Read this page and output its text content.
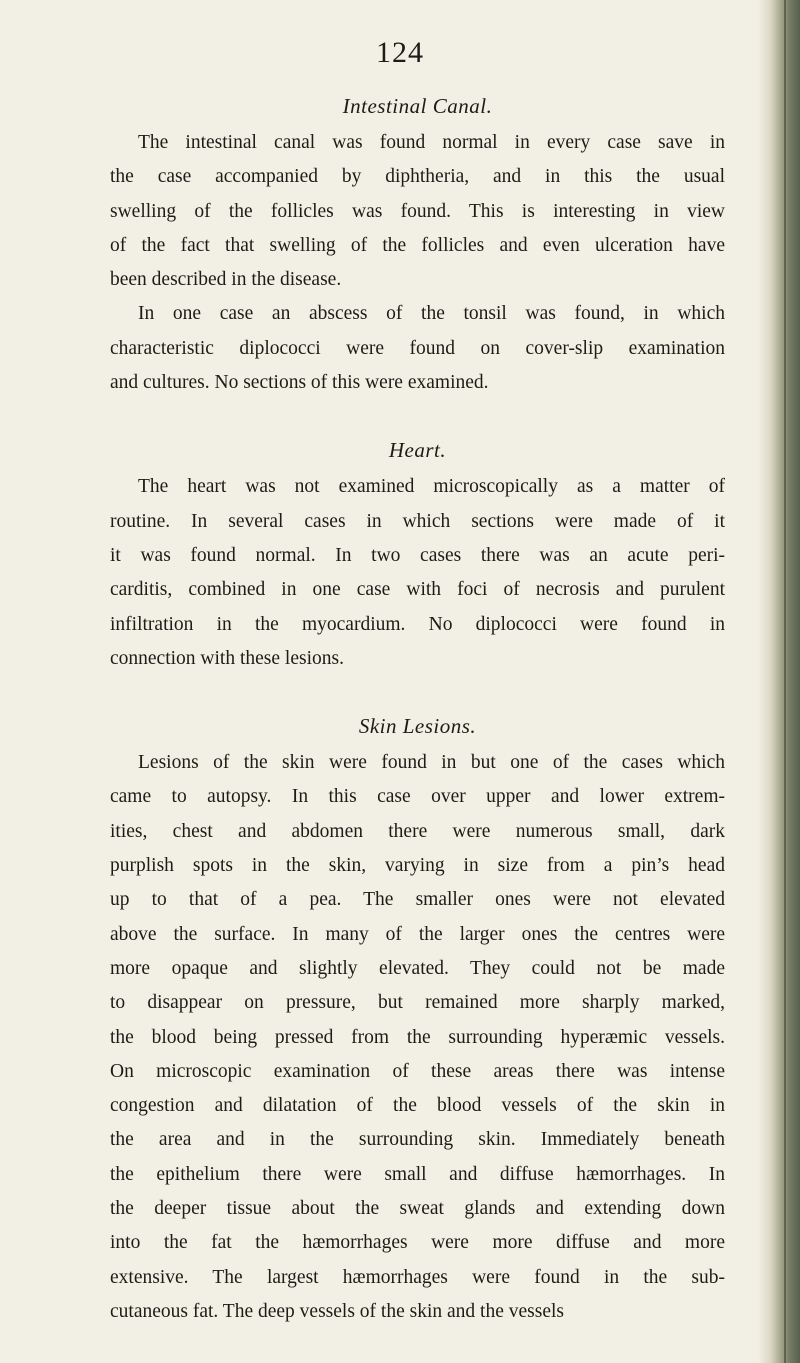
124
Intestinal Canal.
The intestinal canal was found normal in every case save in
the case accompanied by diphtheria, and in this the usual
swelling of the follicles was found. This is interesting in view
of the fact that swelling of the follicles and even ulceration have
been described in the disease.
In one case an abscess of the tonsil was found, in which
characteristic diplococci were found on cover-slip examination
and cultures. No sections of this were examined.
Heart.
The heart was not examined microscopically as a matter of
routine. In several cases in which sections were made of it
it was found normal. In two cases there was an acute peri-
carditis, combined in one case with foci of necrosis and purulent
infiltration in the myocardium. No diplococci were found in
connection with these lesions.
Skin Lesions.
Lesions of the skin were found in but one of the cases which
came to autopsy. In this case over upper and lower extrem-
ities, chest and abdomen there were numerous small, dark
purplish spots in the skin, varying in size from a pin’s head
up to that of a pea. The smaller ones were not elevated
above the surface. In many of the larger ones the centres were
more opaque and slightly elevated. They could not be made
to disappear on pressure, but remained more sharply marked,
the blood being pressed from the surrounding hyperæmic vessels.
On microscopic examination of these areas there was intense
congestion and dilatation of the blood vessels of the skin in
the area and in the surrounding skin. Immediately beneath
the epithelium there were small and diffuse hæmorrhages. In
the deeper tissue about the sweat glands and extending down
into the fat the hæmorrhages were more diffuse and more
extensive. The largest hæmorrhages were found in the sub-
cutaneous fat. The deep vessels of the skin and the vessels
